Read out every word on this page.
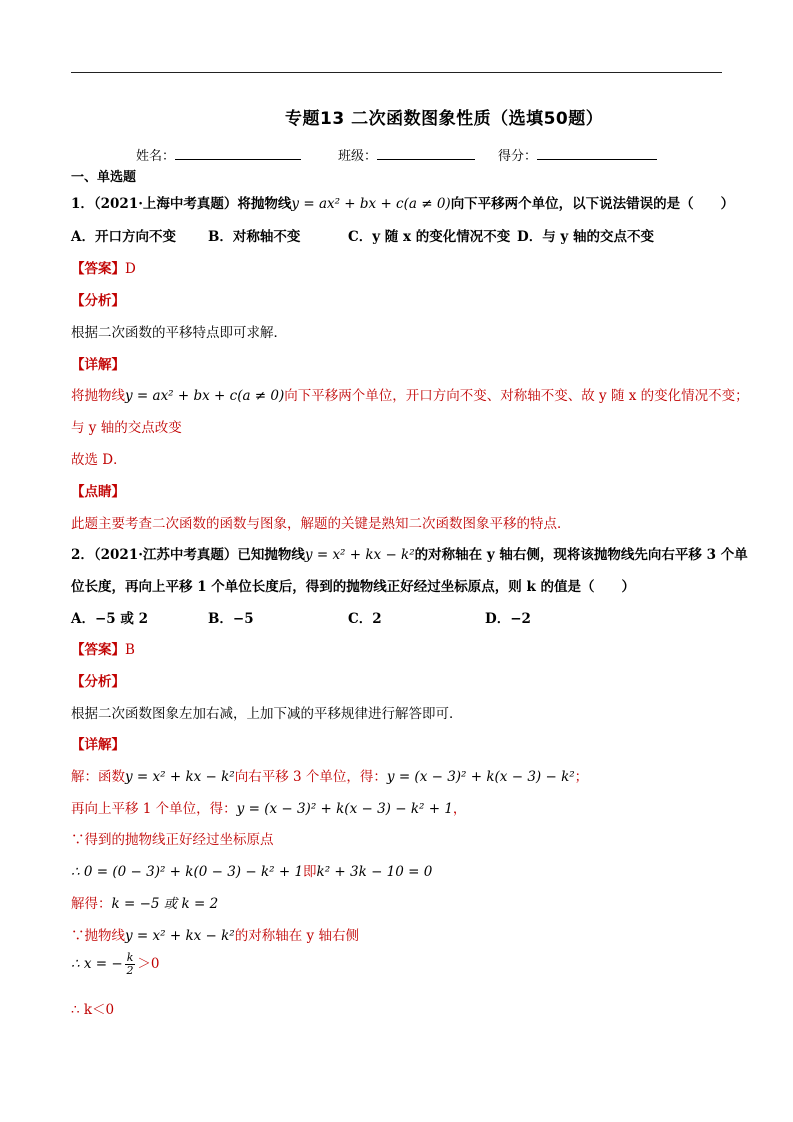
专题13 二次函数图象性质（选填50题）
姓名：	班级：	得分：
一、单选题
1．（2021·上海中考真题）将抛物线y = ax² + bx + c(a ≠ 0)向下平移两个单位，以下说法错误的是（　　）
A．开口方向不变 B．对称轴不变	C．y 随 x 的变化情况不变 D．与 y 轴的交点不变
【答案】D
【分析】
根据二次函数的平移特点即可求解．
【详解】
将抛物线y = ax² + bx + c(a ≠ 0)向下平移两个单位，开口方向不变、对称轴不变、故 y 随 x 的变化情况不变；
与 y 轴的交点改变
故选 D．
【点睛】
此题主要考查二次函数的函数与图象，解题的关键是熟知二次函数图象平移的特点．
2．（2021·江苏中考真题）已知抛物线y = x² + kx − k²的对称轴在 y 轴右侧，现将该抛物线先向右平移 3 个单
位长度，再向上平移 1 个单位长度后，得到的抛物线正好经过坐标原点，则 k 的值是（　　）
A．−5 或 2	B．−5	C．2	D．−2
【答案】B
【分析】
根据二次函数图象左加右减，上加下减的平移规律进行解答即可．
【详解】
解：函数y = x² + kx − k²向右平移 3 个单位，得：y = (x − 3)² + k(x − 3) − k²；
再向上平移 1 个单位，得：y = (x − 3)² + k(x − 3) − k² + 1，
∵得到的抛物线正好经过坐标原点
∴ 0 = (0 − 3)² + k(0 − 3) − k² + 1即k² + 3k − 10 = 0
解得：k = −5 或 k = 2
∵抛物线y = x² + kx − k²的对称轴在 y 轴右侧
∴ x = − $\frac{k}{2} >0$
∴ k＜0
